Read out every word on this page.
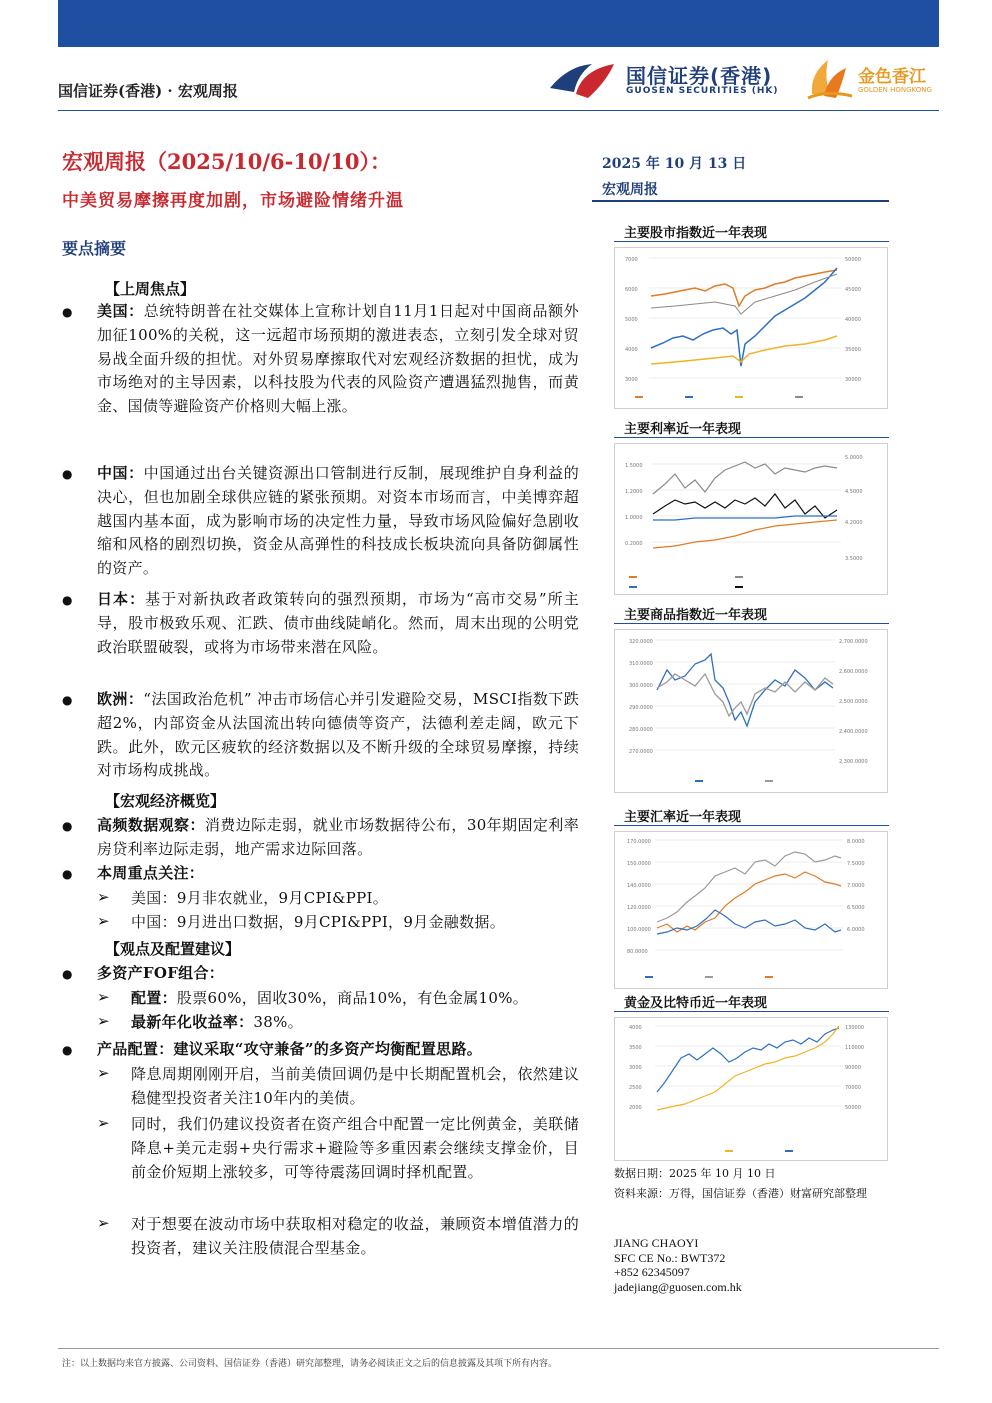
国信证券(香港) · 宏观周报
国信证券(香港)
GUOSEN SECURITIES (HK)
金色香江
GOLDEN HONGKONG
宏观周报（2025/10/6-10/10）：
中美贸易摩擦再度加剧，市场避险情绪升温
2025 年 10 月 13 日
宏观周报
要点摘要
【上周焦点】
● 美国：总统特朗普在社交媒体上宣称计划自11月1日起对中国商品额外加征100%的关税，这一远超市场预期的激进表态，立刻引发全球对贸易战全面升级的担忧。对外贸易摩擦取代对宏观经济数据的担忧，成为市场绝对的主导因素，以科技股为代表的风险资产遭遇猛烈抛售，而黄金、国债等避险资产价格则大幅上涨。
● 中国：中国通过出台关键资源出口管制进行反制，展现维护自身利益的决心，但也加剧全球供应链的紧张预期。对资本市场而言，中美博弈超越国内基本面，成为影响市场的决定性力量，导致市场风险偏好急剧收缩和风格的剧烈切换，资金从高弹性的科技成长板块流向具备防御属性的资产。
● 日本：基于对新执政者政策转向的强烈预期，市场为“高市交易”所主导，股市极致乐观、汇跌、债市曲线陡峭化。然而，周末出现的公明党政治联盟破裂，或将为市场带来潜在风险。
● 欧洲：“法国政治危机” 冲击市场信心并引发避险交易，MSCI指数下跌超2%，内部资金从法国流出转向德债等资产，法德利差走阔，欧元下跌。此外，欧元区疲软的经济数据以及不断升级的全球贸易摩擦，持续对市场构成挑战。
【宏观经济概览】
● 高频数据观察：消费边际走弱，就业市场数据待公布，30年期固定利率房贷利率边际走弱，地产需求边际回落。
● 本周重点关注：
➢ 美国：9月非农就业，9月CPI&PPI。
➢ 中国：9月进出口数据，9月CPI&PPI，9月金融数据。
【观点及配置建议】
● 多资产FOF组合：
➢ 配置：股票60%，固收30%，商品10%，有色金属10%。
➢ 最新年化收益率：38%。
● 产品配置：建议采取“攻守兼备”的多资产均衡配置思路。
➢ 降息周期刚刚开启，当前美债回调仍是中长期配置机会，依然建议稳健型投资者关注10年内的美债。
➢ 同时，我们仍建议投资者在资产组合中配置一定比例黄金，美联储降息+美元走弱+央行需求+避险等多重因素会继续支撑金价，目前金价短期上涨较多，可等待震荡回调时择机配置。
➢ 对于想要在波动市场中获取相对稳定的收益，兼顾资本增值潜力的投资者，建议关注股债混合型基金。
主要股市指数近一年表现
7000
6000
5000
4000
3000
50000
45000
40000
35000
30000
主要利率近一年表现
1.5000
1.2000
1.0000
0.2000
5.0000
4.5000
4.2000
3.5000
主要商品指数近一年表现
320.0000
310.0000
300.0000
290.0000
280.0000
270.0000
2,700.0000
2,600.0000
2,500.0000
2,400.0000
2,300.0000
主要汇率近一年表现
170.0000
150.0000
140.0000
120.0000
100.0000
80.0000
8.0000
7.5000
7.0000
6.5000
6.0000
黄金及比特币近一年表现
4000
3500
3000
2500
2000
130000
110000
90000
70000
50000
数据日期：2025 年 10 月 10 日
资料来源：万得，国信证券（香港）财富研究部整理
JIANG CHAOYI
SFC CE No.: BWT372
+852 62345097
jadejiang@guosen.com.hk
注：以上数据均来官方披露、公司资料、国信证券（香港）研究部整理，请务必阅读正文之后的信息披露及其项下所有内容。
